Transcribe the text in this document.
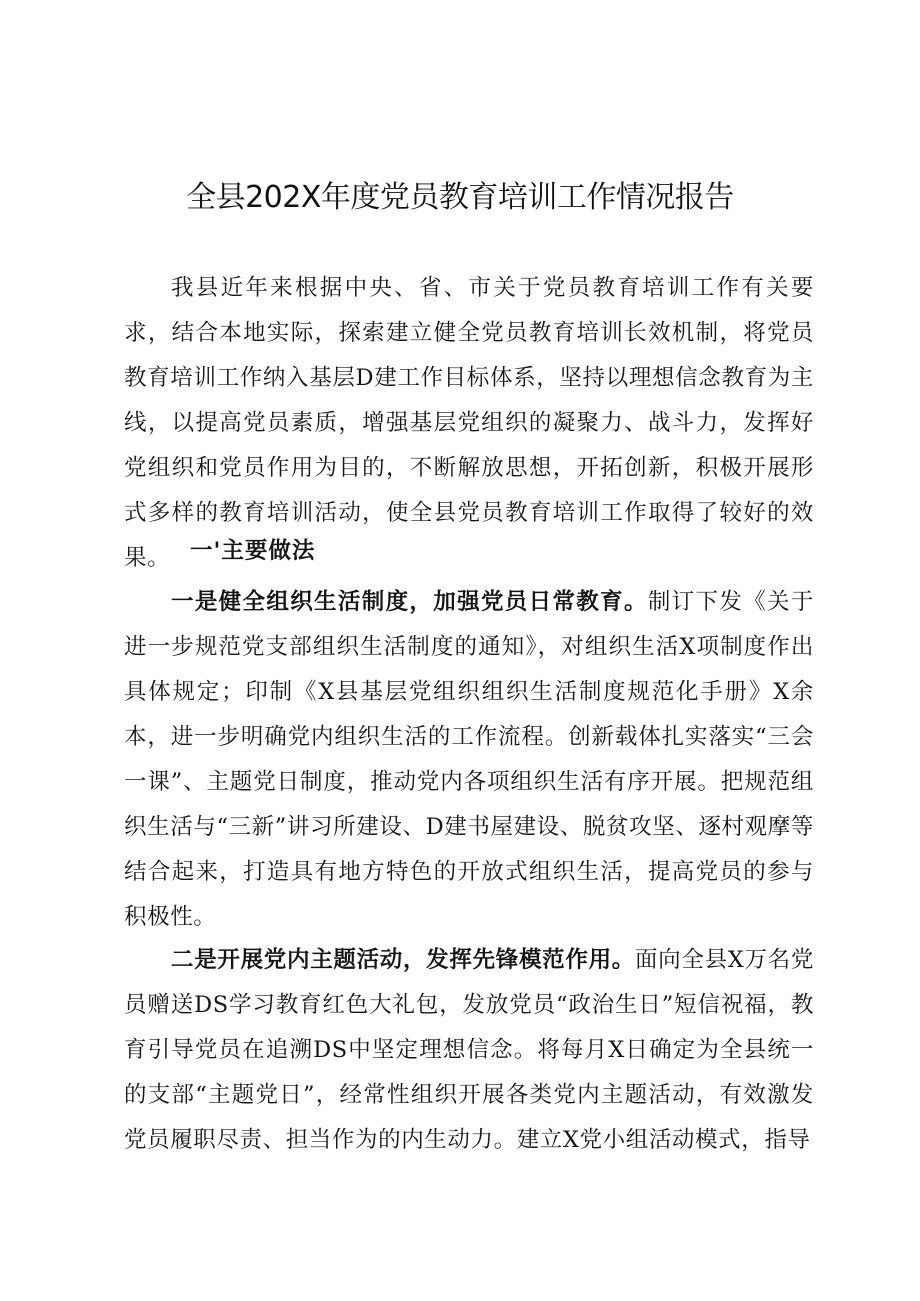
全县202X年度党员教育培训工作情况报告

我县近年来根据中央、省、市关于党员教育培训工作有关要求，结合本地实际，探索建立健全党员教育培训长效机制，将党员教育培训工作纳入基层D建工作目标体系，坚持以理想信念教育为主线，以提高党员素质，增强基层党组织的凝聚力、战斗力，发挥好党组织和党员作用为目的，不断解放思想，开拓创新，积极开展形式多样的教育培训活动，使全县党员教育培训工作取得了较好的效果。 一'主要做法

一是健全组织生活制度，加强党员日常教育。制订下发《关于进一步规范党支部组织生活制度的通知》，对组织生活X项制度作出具体规定；印制《X县基层党组织组织生活制度规范化手册》X余本，进一步明确党内组织生活的工作流程。创新载体扎实落实“三会一课”、主题党日制度，推动党内各项组织生活有序开展。把规范组织生活与“三新”讲习所建设、D建书屋建设、脱贫攻坚、逐村观摩等结合起来，打造具有地方特色的开放式组织生活，提高党员的参与积极性。

二是开展党内主题活动，发挥先锋模范作用。面向全县X万名党员赠送DS学习教育红色大礼包，发放党员“政治生日”短信祝福，教育引导党员在追溯DS中坚定理想信念。将每月X日确定为全县统一的支部“主题党日”，经常性组织开展各类党内主题活动，有效激发党员履职尽责、担当作为的内生动力。建立X党小组活动模式，指导
